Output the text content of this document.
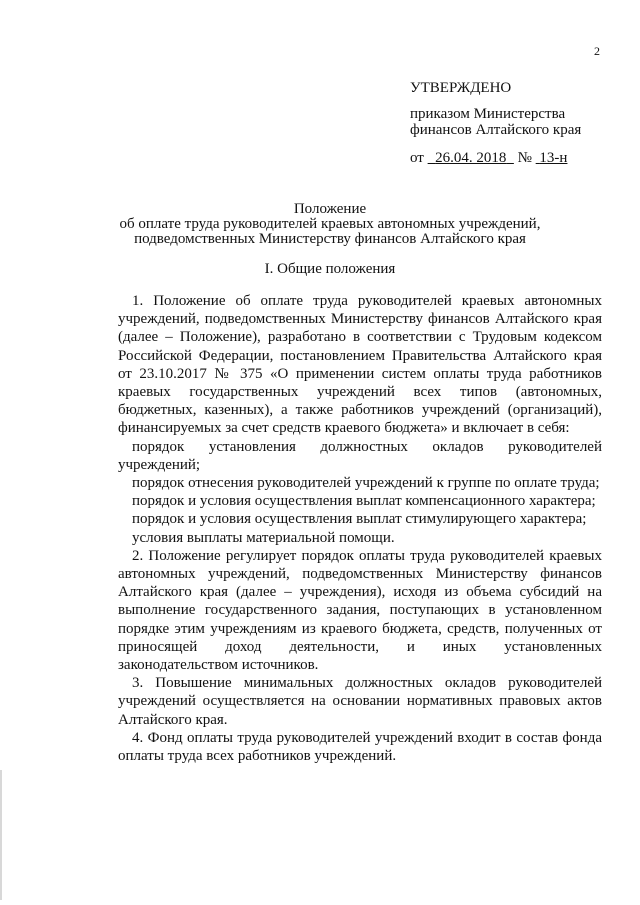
2
УТВЕРЖДЕНО
приказом Министерства
финансов Алтайского края
от 26.04. 2018 № 13-н
Положение
об оплате труда руководителей краевых автономных учреждений,
подведомственных Министерству финансов Алтайского края
I. Общие положения

1. Положение об оплате труда руководителей краевых автономных учреждений, подведомственных Министерству финансов Алтайского края (далее – Положение), разработано в соответствии с Трудовым кодексом Российской Федерации, постановлением Правительства Алтайского края от 23.10.2017 № 375 «О применении систем оплаты труда работников краевых государственных учреждений всех типов (автономных, бюджетных, казенных), а также работников учреждений (организаций), финансируемых за счет средств краевого бюджета» и включает в себя:

порядок установления должностных окладов руководителей учреждений;

порядок отнесения руководителей учреждений к группе по оплате труда;

порядок и условия осуществления выплат компенсационного характера;

порядок и условия осуществления выплат стимулирующего характера;

условия выплаты материальной помощи.

2. Положение регулирует порядок оплаты труда руководителей краевых автономных учреждений, подведомственных Министерству финансов Алтайского края (далее – учреждения), исходя из объема субсидий на выполнение государственного задания, поступающих в установленном порядке этим учреждениям из краевого бюджета, средств, полученных от приносящей доход деятельности, и иных установленных законодательством источников.

3. Повышение минимальных должностных окладов руководителей учреждений осуществляется на основании нормативных правовых актов Алтайского края.

4. Фонд оплаты труда руководителей учреждений входит в состав фонда оплаты труда всех работников учреждений.
